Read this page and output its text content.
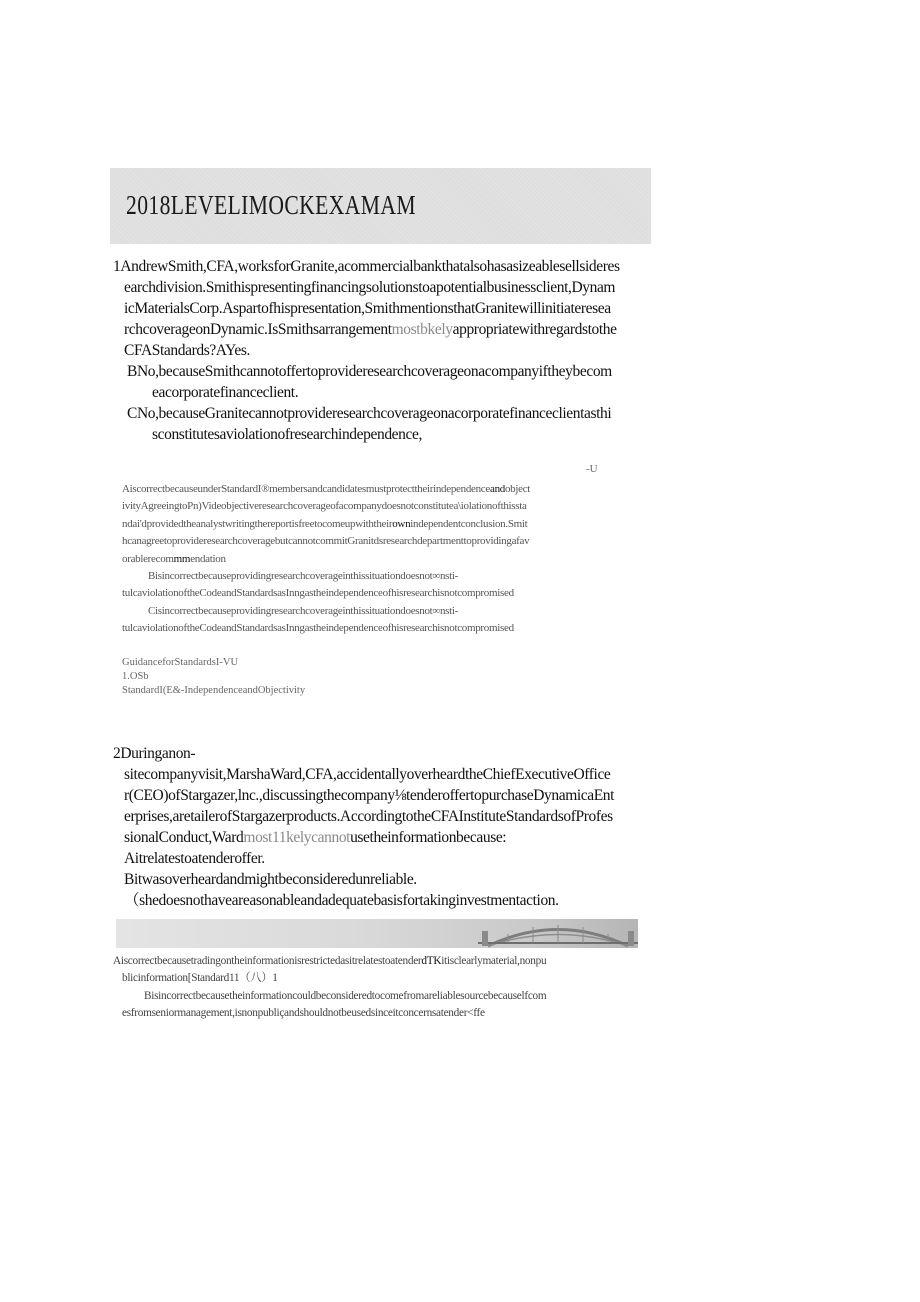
2018LEVELIMOCKEXAMAM
1AndrewSmith,CFA,worksforGranite,acommercialbankthatalsohasasizeablesellsideres
earchdivision.Smithispresentingfinancingsolutionstoapotentialbusinessclient,Dynam
icMaterialsCorp.Aspartofhispresentation,SmithmentionsthatGranitewillinitiateresea
rchcoverageonDynamic.IsSmithsarrangementmostbkelyappropriatewithregardstothe
CFAStandards?AYes.
BNo,becauseSmithcannotoffertoprovideresearchcoverageonacompanyiftheybecom
eacorporatefinanceclient.
CNo,becauseGranitecannotprovideresearchcoverageonacorporatefinanceclientasthi
sconstitutesaviolationofresearchindependence,
-U
AiscorrectbecauseunderStandardI®membersandcandidatesmustprotecttheirindependenceandobject
ivityAgreeingtoPn)Videobjectiveresearchcoverageofacompanydoesnotconstitutea\iolationofthissta
ndai'dprovidedtheanalystwritingthereportisfreetocomeupwiththeirownindependentconclusion.Smit
hcanagreetoprovideresearchcoveragebutcannotcommitGranitdsresearchdepartmenttoprovidingafav
orablerecommmendation
Bisincorrectbecauseprovidingresearchcoverageinthissituationdoesnot∞nsti-
tulcaviolationoftheCodeandStandardsasInngastheindependenceofhisresearchisnotcompromised
Cisincorrectbecauseprovidingresearchcoverageinthissituationdoesnot∞nsti-
tulcaviolationoftheCodeandStandardsasInngastheindependenceofhisresearchisnotcompromised
GuidanceforStandardsI-VU
1.OSb
StandardI(E&-IndependenceandObjectivity
2Duringanon-
sitecompanyvisit,MarshaWard,CFA,accidentallyoverheardtheChiefExecutiveOffice
r(CEO)ofStargazer,lnc.,discussingthecompany⅛tenderoffertopurchaseDynamicaEnt
erprises,aretailerofStargazerproducts.AccordingtotheCFAInstituteStandardsofProfes
sionalConduct,Wardmost11kelycannotusetheinformationbecause:
Aitrelatestoatenderoffer.
Bitwasoverheardandmightbeconsideredunreliable.
（shedoesnothaveareasonableandadequatebasisfortakinginvestmentaction.
AiscorrectbecausetradingontheinformationisrestrictedasitrelatestoatenderdTKitisclearlymaterial,nonpu
blicinformation[Standard11（八）1
Bisincorrectbecausetheinformationcouldbeconsideredtocomefromareliablesourcebecauselfcom
esfromseniormanagement,isnonpubliçandshouldnotbeusedsinceitconcernsatender<ffe
